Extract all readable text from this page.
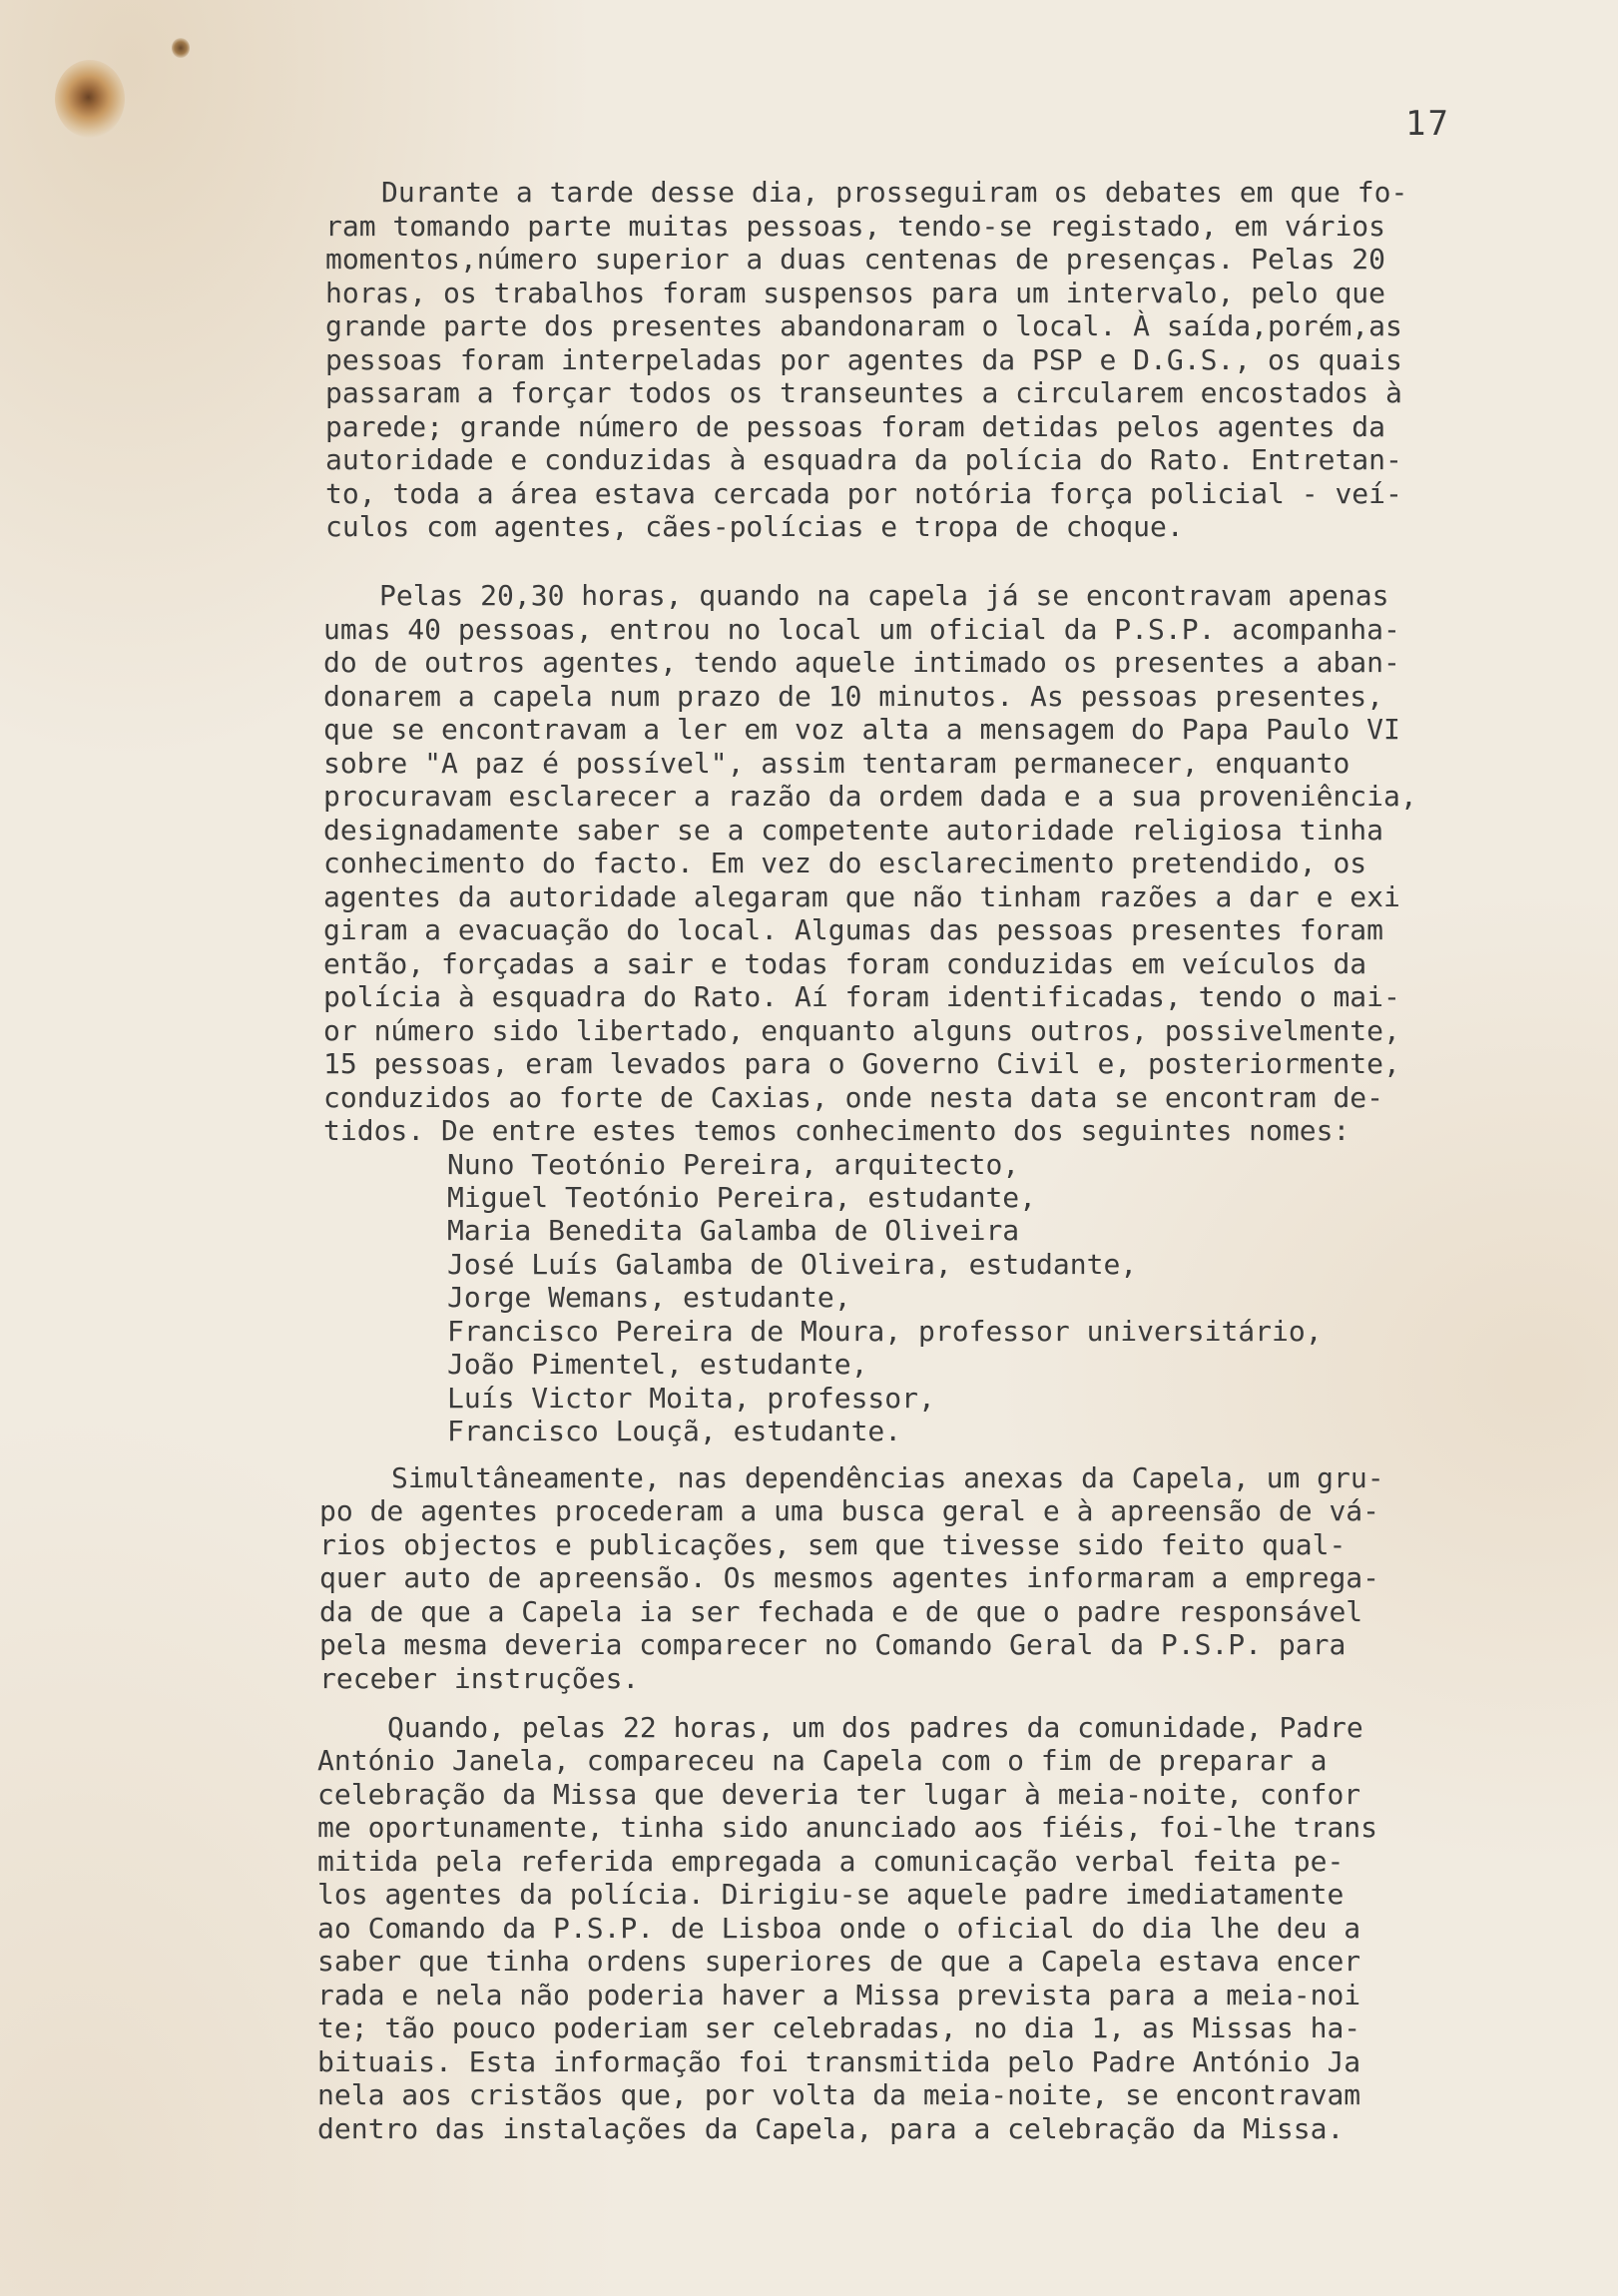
17
Durante a tarde desse dia, prosseguiram os debates em que fo-
ram tomando parte muitas pessoas, tendo-se registado, em vários
momentos,número superior a duas centenas de presenças. Pelas 20
horas, os trabalhos foram suspensos para um intervalo, pelo que
grande parte dos presentes abandonaram o local. À saída,porém,as
pessoas foram interpeladas por agentes da PSP e D.G.S., os quais
passaram a forçar todos os transeuntes a circularem encostados à
parede; grande número de pessoas foram detidas pelos agentes da
autoridade e conduzidas à esquadra da polícia do Rato. Entretan-
to, toda a área estava cercada por notória força policial - veí-
culos com agentes, cães-polícias e tropa de choque.
Pelas 20,30 horas, quando na capela já se encontravam apenas
umas 40 pessoas, entrou no local um oficial da P.S.P. acompanha-
do de outros agentes, tendo aquele intimado os presentes a aban-
donarem a capela num prazo de 10 minutos. As pessoas presentes,
que se encontravam a ler em voz alta a mensagem do Papa Paulo VI
sobre "A paz é possível", assim tentaram permanecer, enquanto
procuravam esclarecer a razão da ordem dada e a sua proveniência,
designadamente saber se a competente autoridade religiosa tinha
conhecimento do facto. Em vez do esclarecimento pretendido, os
agentes da autoridade alegaram que não tinham razões a dar e exi
giram a evacuação do local. Algumas das pessoas presentes foram
então, forçadas a sair e todas foram conduzidas em veículos da
polícia à esquadra do Rato. Aí foram identificadas, tendo o mai-
or número sido libertado, enquanto alguns outros, possivelmente,
15 pessoas, eram levados para o Governo Civil e, posteriormente,
conduzidos ao forte de Caxias, onde nesta data se encontram de-
tidos. De entre estes temos conhecimento dos seguintes nomes:
Nuno Teotónio Pereira, arquitecto,
Miguel Teotónio Pereira, estudante,
Maria Benedita Galamba de Oliveira
José Luís Galamba de Oliveira, estudante,
Jorge Wemans, estudante,
Francisco Pereira de Moura, professor universitário,
João Pimentel, estudante,
Luís Victor Moita, professor,
Francisco Louçã, estudante.
Simultâneamente, nas dependências anexas da Capela, um gru-
po de agentes procederam a uma busca geral e à apreensão de vá-
rios objectos e publicações, sem que tivesse sido feito qual-
quer auto de apreensão. Os mesmos agentes informaram a emprega-
da de que a Capela ia ser fechada e de que o padre responsável
pela mesma deveria comparecer no Comando Geral da P.S.P. para
receber instruções.
Quando, pelas 22 horas, um dos padres da comunidade, Padre
António Janela, compareceu na Capela com o fim de preparar a
celebração da Missa que deveria ter lugar à meia-noite, confor
me oportunamente, tinha sido anunciado aos fiéis, foi-lhe trans
mitida pela referida empregada a comunicação verbal feita pe-
los agentes da polícia. Dirigiu-se aquele padre imediatamente
ao Comando da P.S.P. de Lisboa onde o oficial do dia lhe deu a
saber que tinha ordens superiores de que a Capela estava encer
rada e nela não poderia haver a Missa prevista para a meia-noi
te; tão pouco poderiam ser celebradas, no dia 1, as Missas ha-
bituais. Esta informação foi transmitida pelo Padre António Ja
nela aos cristãos que, por volta da meia-noite, se encontravam
dentro das instalações da Capela, para a celebração da Missa.
